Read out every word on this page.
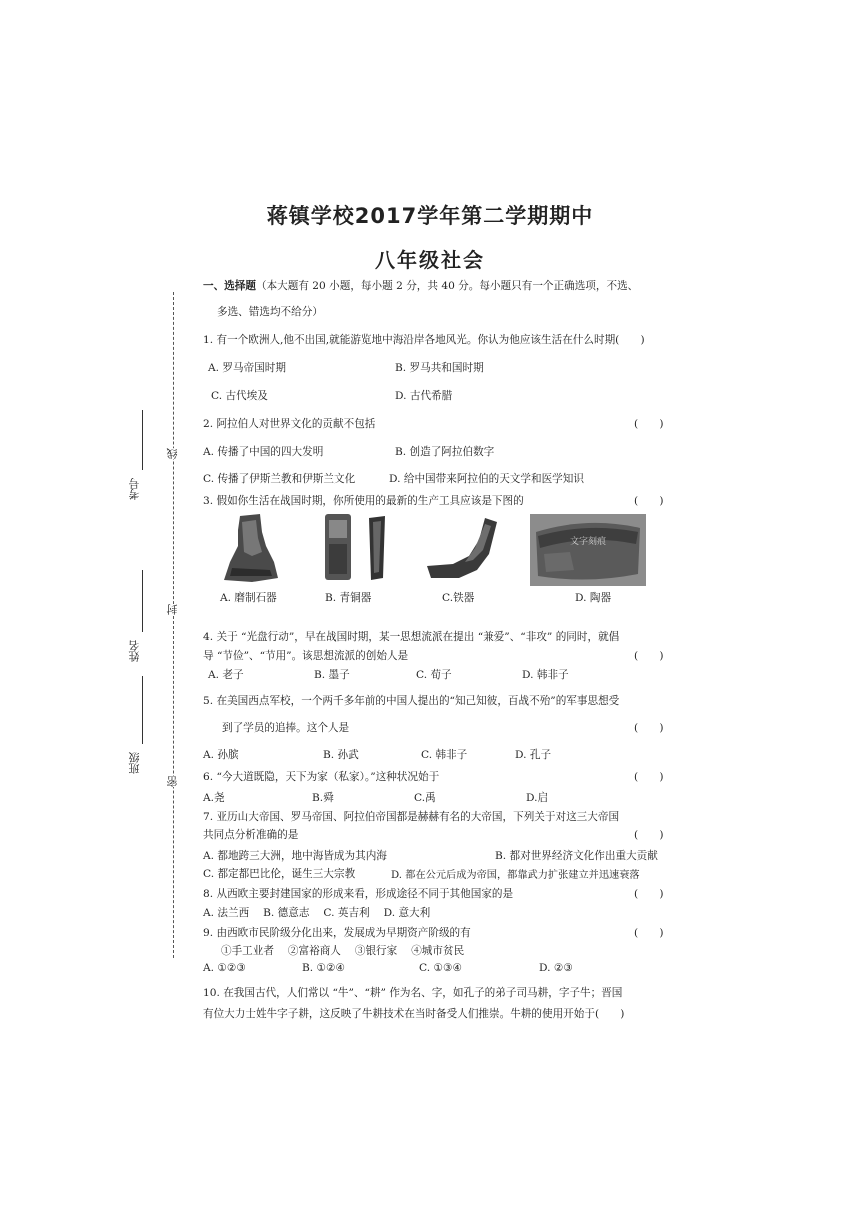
蒋镇学校2017学年第二学期期中
八年级社会
考号
姓名
班级
线
封
密
一、选择题（本大题有 20 小题，每小题 2 分，共 40 分。每小题只有一个正确选项，不选、
多选、错选均不给分）
1. 有一个欧洲人,他不出国,就能游览地中海沿岸各地风光。你认为他应该生活在什么时期(　　)
A. 罗马帝国时期	B. 罗马共和国时期
C. 古代埃及	D. 古代希腊
2. 阿拉伯人对世界文化的贡献不包括	(　　)
A. 传播了中国的四大发明	B. 创造了阿拉伯数字
C. 传播了伊斯兰教和伊斯兰文化	D. 给中国带来阿拉伯的天文学和医学知识
3. 假如你生活在战国时期，你所使用的最新的生产工具应该是下图的	(　　)
文字刻痕
A. 磨制石器	B. 青铜器	C.铁器	D. 陶器
4. 关于 “光盘行动”，早在战国时期，某一思想流派在提出 “兼爱”、“非攻” 的同时，就倡
导 “节俭”、“节用”。该思想流派的创始人是	(　　)
A. 老子	B. 墨子	C. 荀子	D. 韩非子
5. 在美国西点军校，一个两千多年前的中国人提出的“知己知彼，百战不殆”的军事思想受
到了学员的追捧。这个人是	(　　)
A. 孙膑	B. 孙武	C. 韩非子	D. 孔子
6. “今大道既隐，天下为家（私家）。”这种状况始于	(　　)
A.尧	B.舜	C.禹	D.启
7. 亚历山大帝国、罗马帝国、阿拉伯帝国都是赫赫有名的大帝国，下列关于对这三大帝国
共同点分析准确的是	(　　)
A. 都地跨三大洲，地中海皆成为其内海	B. 都对世界经济文化作出重大贡献
C. 都定都巴比伦，诞生三大宗教	D. 都在公元后成为帝国，都靠武力扩张建立并迅速衰落
8. 从西欧主要封建国家的形成来看，形成途径不同于其他国家的是	(　　)
A. 法兰西　 B. 德意志　 C. 英吉利　 D. 意大利
9. 由西欧市民阶级分化出来，发展成为早期资产阶级的有	(　　)
①手工业者　 ②富裕商人　 ③银行家　 ④城市贫民
A. ①②③	B. ①②④	C. ①③④	D. ②③
10. 在我国古代，人们常以 “牛”、“耕” 作为名、字，如孔子的弟子司马耕，字子牛；晋国
有位大力士姓牛字子耕，这反映了牛耕技术在当时备受人们推崇。牛耕的使用开始于(　　)
